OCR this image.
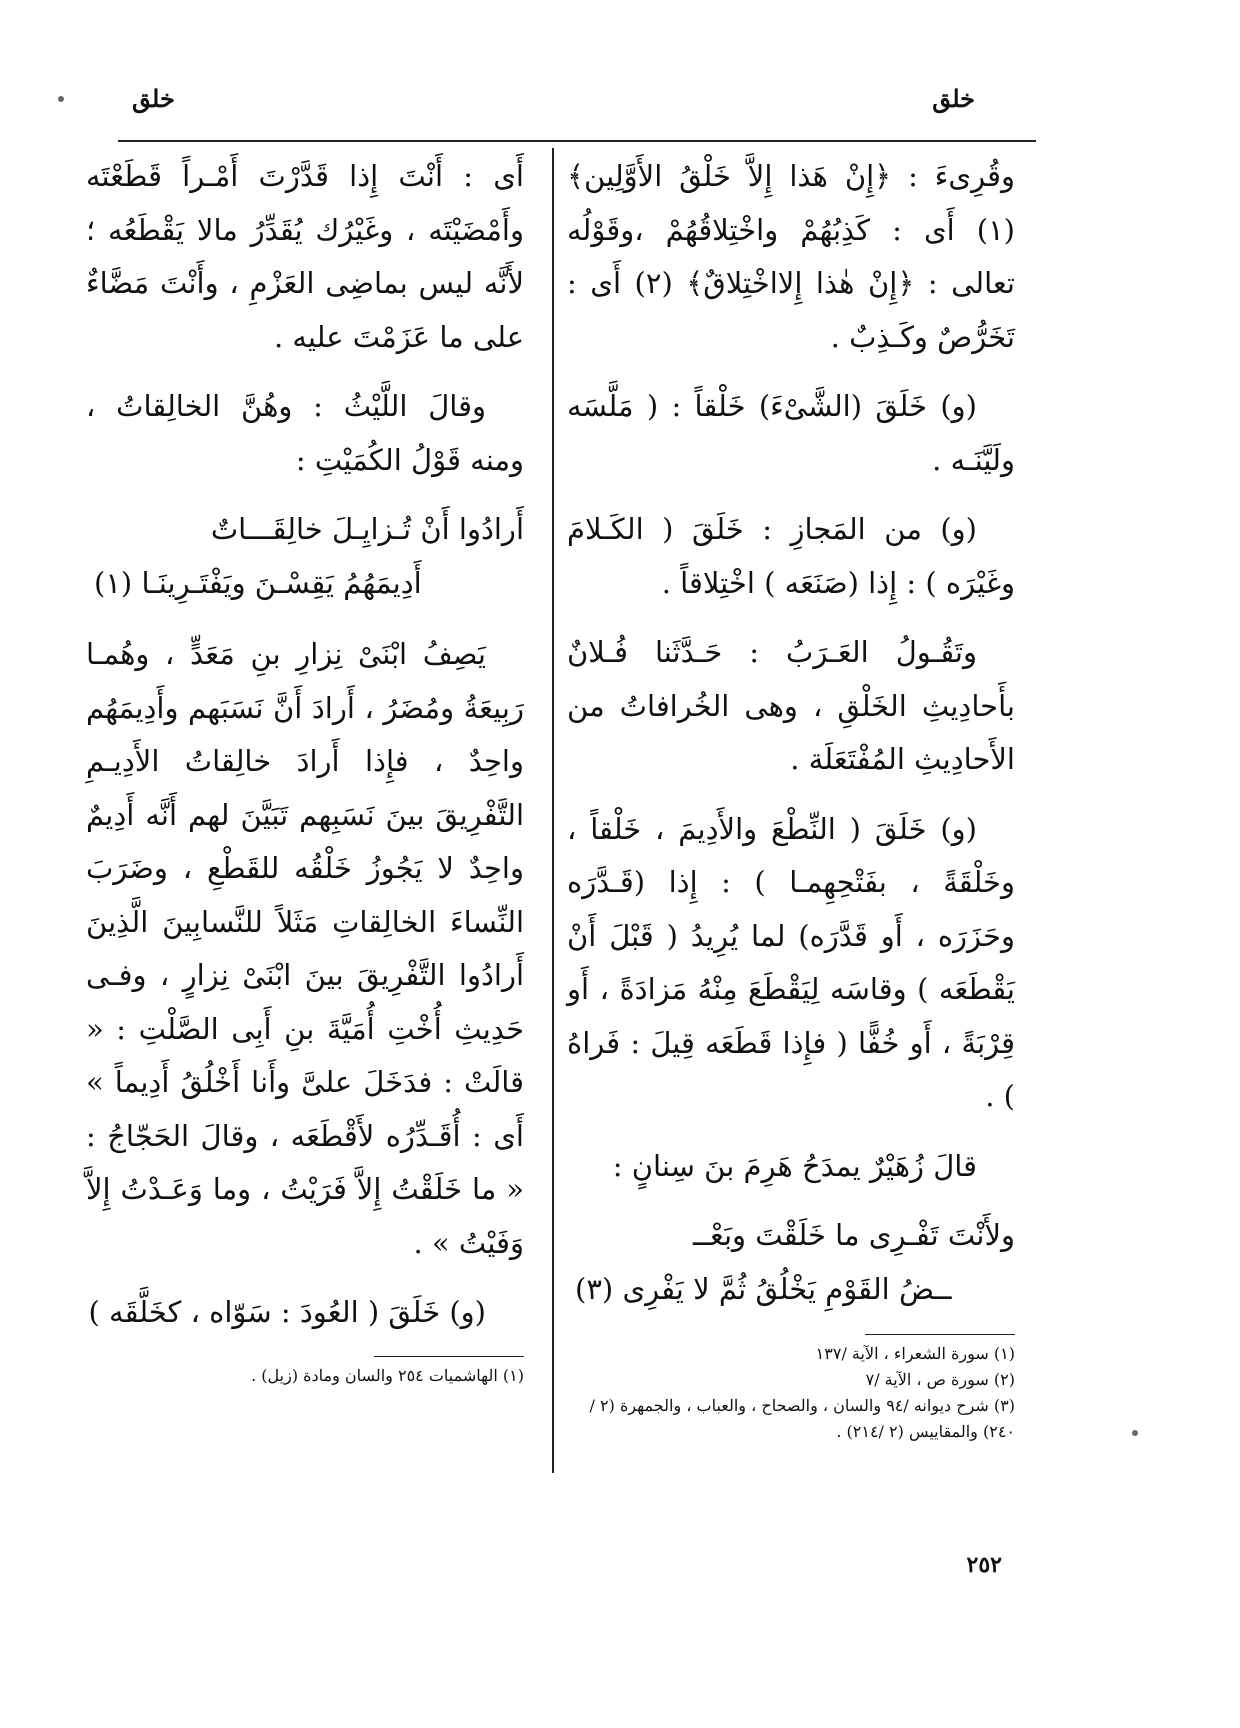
خلق
خلق

وقُرِىءَ : ﴿إِنْ هَذا إِلاَّ خَلْقُ الأَوَّلِين﴾ (١) أَى : كَذِبُهُمْ واخْتِلاقُهُمْ ،وقَوْلُه تعالى : ﴿إِنْ هٰذا إِلااخْتِلاقٌ﴾ (٢) أَى : تَخَرُّصٌ وكَـذِبٌ .

(و) خَلَقَ (الشَّىْءَ) خَلْقاً : ( مَلَّسَه ولَيَّنَـه .

(و) من المَجازِ : خَلَقَ ( الكَـلامَ وغَيْرَه ) : إِذا (صَنَعَه ) اخْتِلاقاً .

وتَقُـولُ العَـرَبُ : حَـدَّثَنا فُـلانٌ بأَحادِيثِ الخَلْقِ ، وهى الخُرافاتُ من الأَحادِيثِ المُفْتَعَلَة .

(و) خَلَقَ ( النِّطْعَ والأَدِيمَ ، خَلْقاً ، وخَلْقَةً ، بفَتْحِهِمـا ) : إِذا (قَـدَّرَه وحَزَرَه ، أَو قَدَّرَه) لما يُرِيدُ ( قَبْلَ أَنْ يَقْطَعَه ) وقاسَه لِيَقْطَعَ مِنْهُ مَزادَةً ، أَو قِرْبَةً ، أَو خُفًّا ( فإِذا قَطَعَه قِيلَ : فَراهُ ) .

قالَ زُهَيْرٌ يمدَحُ هَرِمَ بنَ سِنانٍ :

ولأَنْتَ تَفْـرِى ما خَلَقْتَ وبَعْــ
ــضُ القَوْمِ يَخْلُقُ ثُمَّ لا يَفْرِى (٣)
(١) سورة الشعراء ، الآية /١٣٧
(٢) سورة ص ، الآية /٧
(٣) شرح ديوانه /٩٤ والسان ، والصحاح ، والعباب ، والجمهرة (٢ /٢٤٠) والمقاييس (٢ /٢١٤) .

أَى : أَنْتَ إِذا قَدَّرْتَ أَمْـراً قَطَعْتَه وأَمْضَيْتَه ، وغَيْرُك يُقَدِّرُ مالا يَقْطَعُه ؛ لأَنَّه ليس بماضِى العَزْمِ ، وأَنْتَ مَضَّاءٌ على ما عَزَمْتَ عليه .

وقالَ اللَّيْثُ : وهُنَّ الخالِقاتُ ، ومنه قَوْلُ الكُمَيْتِ :

أَرادُوا أَنْ تُـزايِـلَ خالِقَـــاتٌ
أَدِيمَهُمُ يَقِسْـنَ ويَفْتَـرِينَـا (١)

يَصِفُ ابْنَىْ نِزارِ بنِ مَعَدٍّ ، وهُمـا رَبِيعَةُ ومُضَرُ ، أَرادَ أَنَّ نَسَبَهم وأَدِيمَهُم واحِدٌ ، فإِذا أَرادَ خالِقاتُ الأَدِيـمِ التَّفْرِيقَ بينَ نَسَبِهم تَبَيَّنَ لهم أَنَّه أَدِيمٌ واحِدٌ لا يَجُوزُ خَلْقُه للقَطْعِ ، وضَرَبَ النِّساءَ الخالِقاتِ مَثَلاً للنَّسابِينَ الَّذِينَ أَرادُوا التَّفْرِيقَ بينَ ابْنَىْ نِزارٍ ، وفـى حَدِيثِ أُخْتِ أُمَيَّةَ بنِ أَبِى الصَّلْتِ : « قالَتْ : فدَخَلَ علىَّ وأَنا أَخْلُقُ أَدِيماً » أَى : أُقَـدِّرُه لأَقْطَعَه ، وقالَ الحَجّاجُ : « ما خَلَقْتُ إِلاَّ فَرَيْتُ ، وما وَعَـدْتُ إِلاَّ وَفَيْتُ » .

(و) خَلَقَ ( العُودَ : سَوّاه ، كخَلَّقَه )

(١) الهاشميات ٢٥٤ والسان ومادة (زيل) .
٢٥٢
